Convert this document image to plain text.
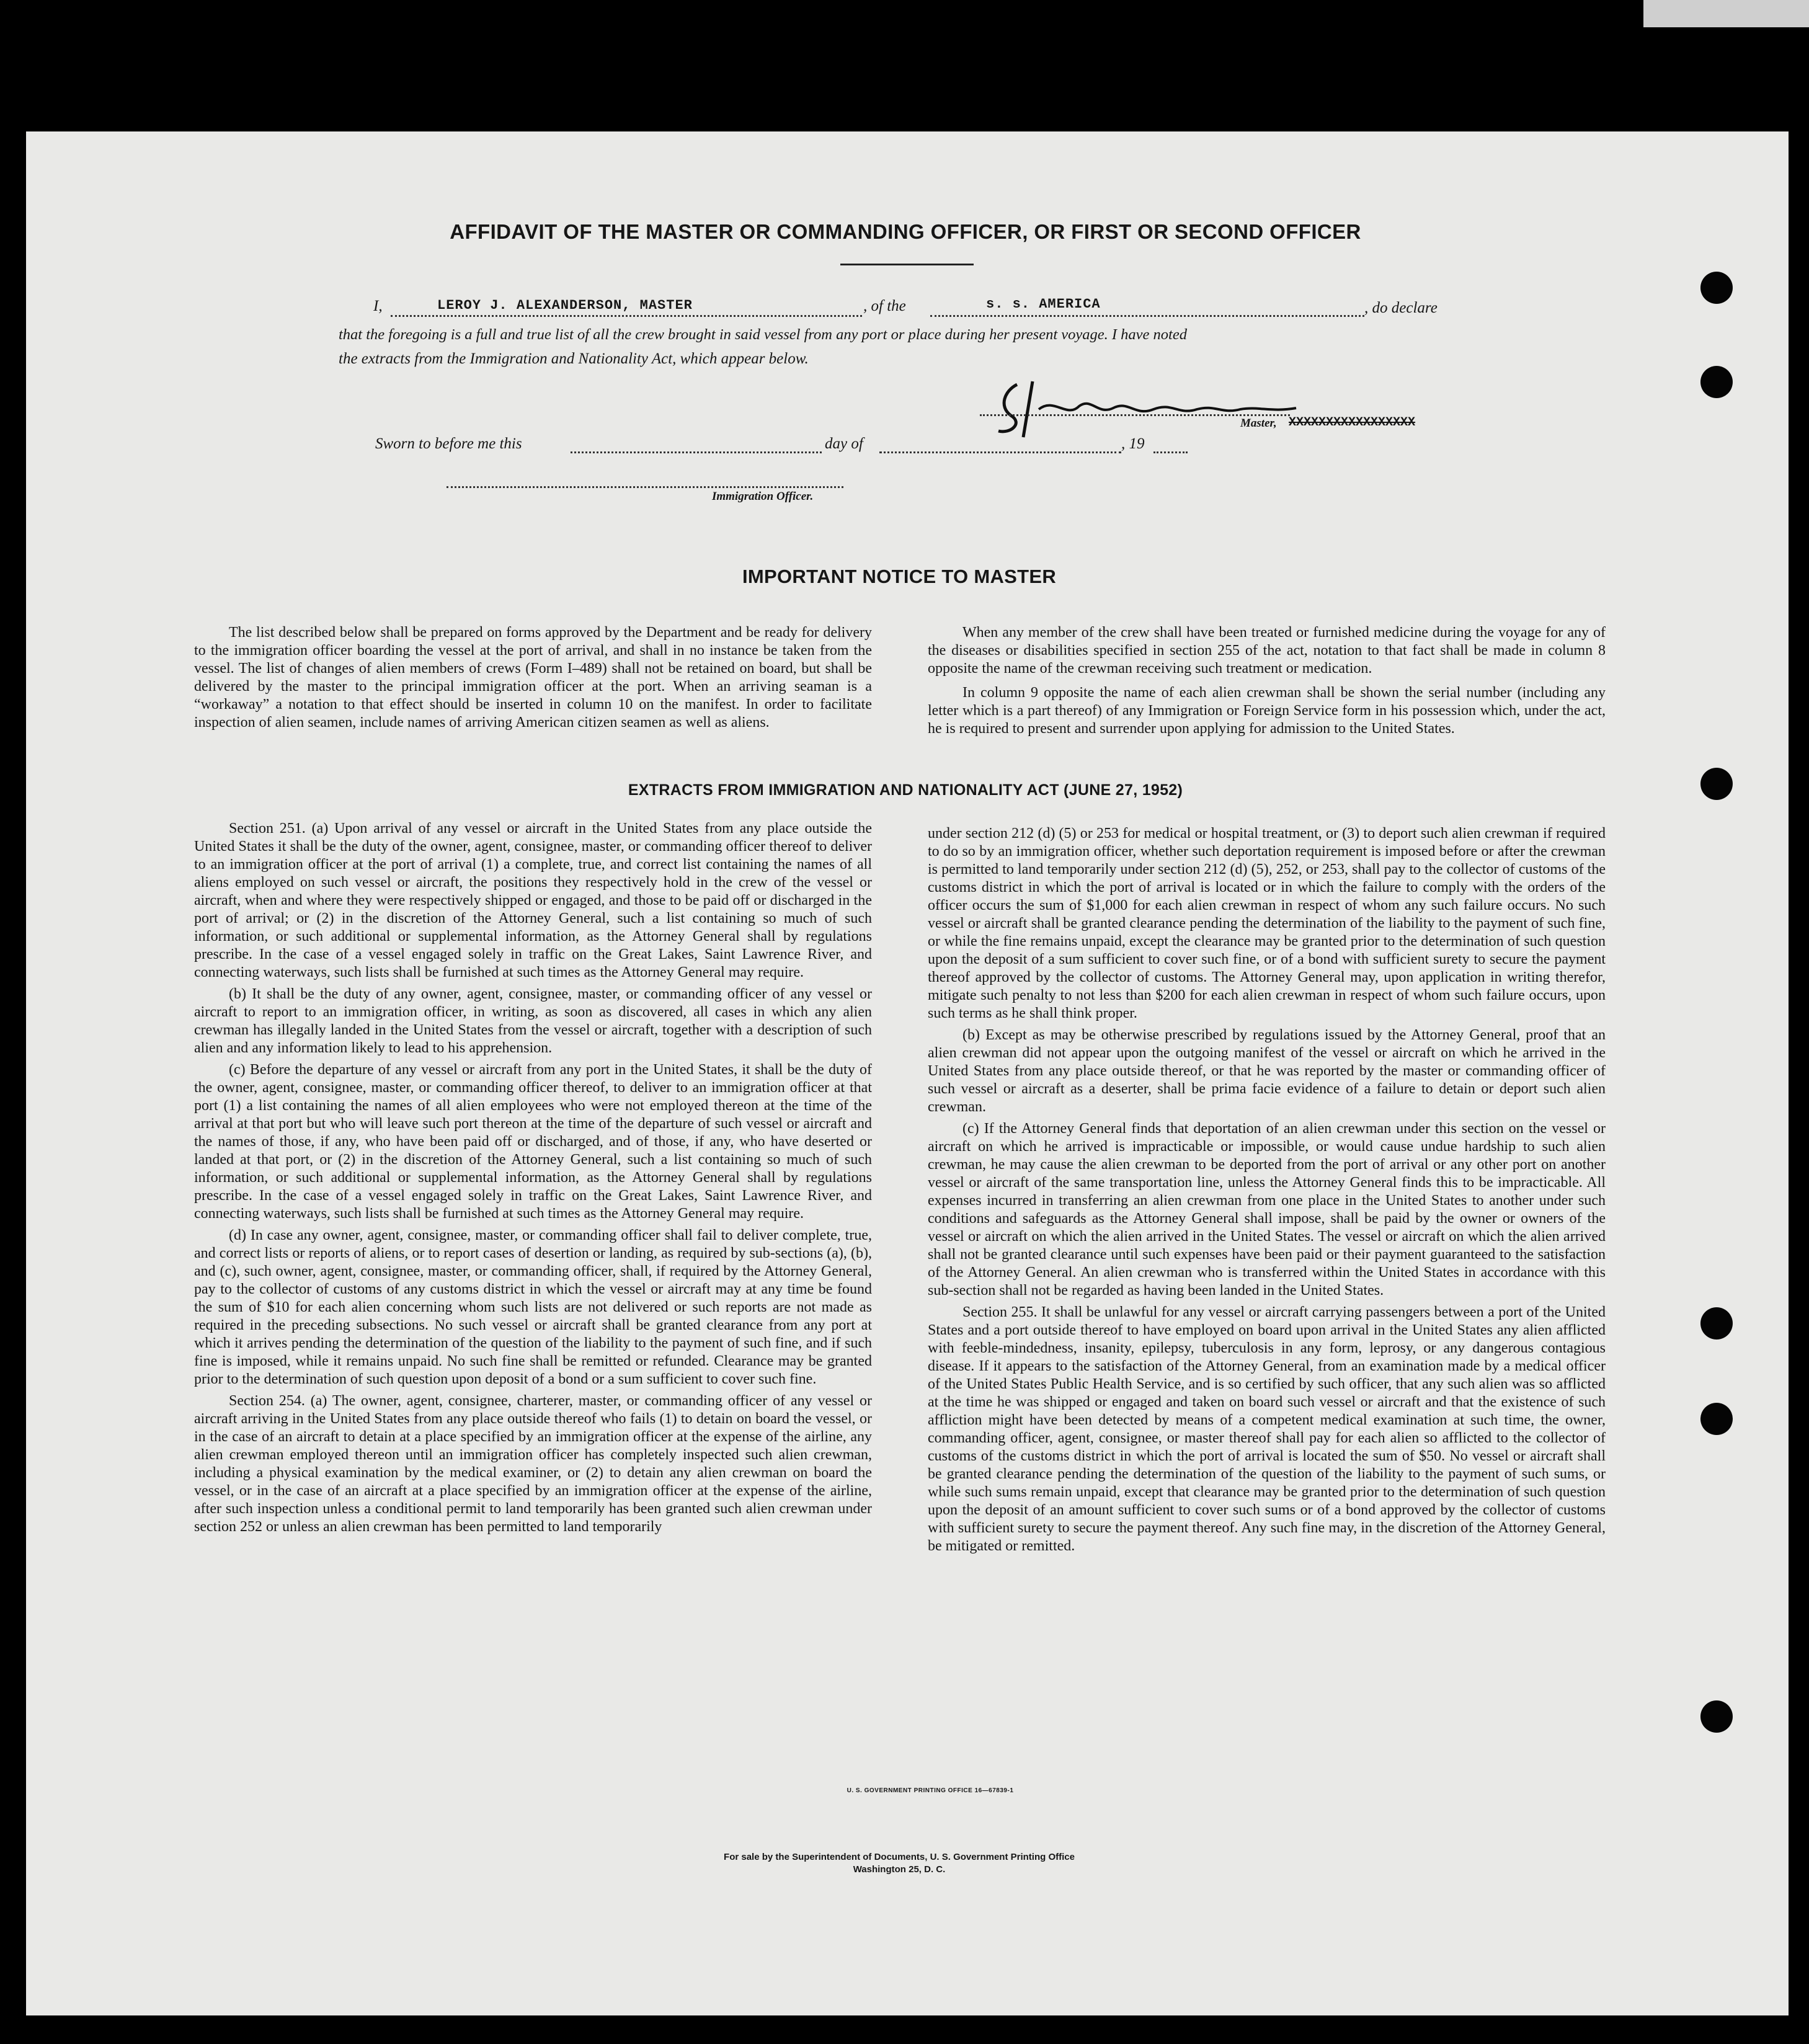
AFFIDAVIT OF THE MASTER OR COMMANDING OFFICER, OR FIRST OR SECOND OFFICER
I,	LEROY J. ALEXANDERSON, MASTER	, of the	s. s. AMERICA	, do declare
that the foregoing is a full and true list of all the crew brought in said vessel from any port or place during her present voyage. I have noted
the extracts from the Immigration and Nationality Act, which appear below.
Master, XXXXXXXXXXXXXXXXX
Sworn to before me this	day of	, 19
Immigration Officer.
IMPORTANT NOTICE TO MASTER

The list described below shall be prepared on forms approved by the Department and be ready for delivery to the immigration officer boarding the vessel at the port of arrival, and shall in no instance be taken from the vessel. The list of changes of alien members of crews (Form I–489) shall not be retained on board, but shall be delivered by the master to the principal immigration officer at the port. When an arriving seaman is a “workaway” a notation to that effect should be inserted in column 10 on the manifest. In order to facilitate inspection of alien seamen, include names of arriving American citizen seamen as well as aliens.

When any member of the crew shall have been treated or furnished medicine during the voyage for any of the diseases or disabilities specified in section 255 of the act, notation to that fact shall be made in column 8 opposite the name of the crewman receiving such treatment or medication.

In column 9 opposite the name of each alien crewman shall be shown the serial number (including any letter which is a part thereof) of any Immigration or Foreign Service form in his possession which, under the act, he is required to present and surrender upon applying for admission to the United States.

EXTRACTS FROM IMMIGRATION AND NATIONALITY ACT (JUNE 27, 1952)

Section 251. (a) Upon arrival of any vessel or aircraft in the United States from any place outside the United States it shall be the duty of the owner, agent, consignee, master, or commanding officer thereof to deliver to an immigration officer at the port of arrival (1) a complete, true, and correct list containing the names of all aliens employed on such vessel or aircraft, the positions they respectively hold in the crew of the vessel or aircraft, when and where they were respectively shipped or engaged, and those to be paid off or discharged in the port of arrival; or (2) in the discretion of the Attorney General, such a list containing so much of such information, or such additional or supplemental information, as the Attorney General shall by regulations prescribe. In the case of a vessel engaged solely in traffic on the Great Lakes, Saint Lawrence River, and connecting waterways, such lists shall be furnished at such times as the Attorney General may require.

(b) It shall be the duty of any owner, agent, consignee, master, or commanding officer of any vessel or aircraft to report to an immigration officer, in writing, as soon as discovered, all cases in which any alien crewman has illegally landed in the United States from the vessel or aircraft, together with a description of such alien and any information likely to lead to his apprehension.

(c) Before the departure of any vessel or aircraft from any port in the United States, it shall be the duty of the owner, agent, consignee, master, or commanding officer thereof, to deliver to an immigration officer at that port (1) a list containing the names of all alien employees who were not employed thereon at the time of the arrival at that port but who will leave such port thereon at the time of the departure of such vessel or aircraft and the names of those, if any, who have been paid off or discharged, and of those, if any, who have deserted or landed at that port, or (2) in the discretion of the Attorney General, such a list containing so much of such information, or such additional or supplemental information, as the Attorney General shall by regulations prescribe. In the case of a vessel engaged solely in traffic on the Great Lakes, Saint Lawrence River, and connecting waterways, such lists shall be furnished at such times as the Attorney General may require.

(d) In case any owner, agent, consignee, master, or commanding officer shall fail to deliver complete, true, and correct lists or reports of aliens, or to report cases of desertion or landing, as required by sub-sections (a), (b), and (c), such owner, agent, consignee, master, or commanding officer, shall, if required by the Attorney General, pay to the collector of customs of any customs district in which the vessel or aircraft may at any time be found the sum of $10 for each alien concerning whom such lists are not delivered or such reports are not made as required in the preceding subsections. No such vessel or aircraft shall be granted clearance from any port at which it arrives pending the determination of the question of the liability to the payment of such fine, and if such fine is imposed, while it remains unpaid. No such fine shall be remitted or refunded. Clearance may be granted prior to the determination of such question upon deposit of a bond or a sum sufficient to cover such fine.

Section 254. (a) The owner, agent, consignee, charterer, master, or commanding officer of any vessel or aircraft arriving in the United States from any place outside thereof who fails (1) to detain on board the vessel, or in the case of an aircraft to detain at a place specified by an immigration officer at the expense of the airline, any alien crewman employed thereon until an immigration officer has completely inspected such alien crewman, including a physical examination by the medical examiner, or (2) to detain any alien crewman on board the vessel, or in the case of an aircraft at a place specified by an immigration officer at the expense of the airline, after such inspection unless a conditional permit to land temporarily has been granted such alien crewman under section 252 or unless an alien crewman has been permitted to land temporarily

under section 212 (d) (5) or 253 for medical or hospital treatment, or (3) to deport such alien crewman if required to do so by an immigration officer, whether such deportation requirement is imposed before or after the crewman is permitted to land temporarily under section 212 (d) (5), 252, or 253, shall pay to the collector of customs of the customs district in which the port of arrival is located or in which the failure to comply with the orders of the officer occurs the sum of $1,000 for each alien crewman in respect of whom any such failure occurs. No such vessel or aircraft shall be granted clearance pending the determination of the liability to the payment of such fine, or while the fine remains unpaid, except the clearance may be granted prior to the determination of such question upon the deposit of a sum sufficient to cover such fine, or of a bond with sufficient surety to secure the payment thereof approved by the collector of customs. The Attorney General may, upon application in writing therefor, mitigate such penalty to not less than $200 for each alien crewman in respect of whom such failure occurs, upon such terms as he shall think proper.

(b) Except as may be otherwise prescribed by regulations issued by the Attorney General, proof that an alien crewman did not appear upon the outgoing manifest of the vessel or aircraft on which he arrived in the United States from any place outside thereof, or that he was reported by the master or commanding officer of such vessel or aircraft as a deserter, shall be prima facie evidence of a failure to detain or deport such alien crewman.

(c) If the Attorney General finds that deportation of an alien crewman under this section on the vessel or aircraft on which he arrived is impracticable or impossible, or would cause undue hardship to such alien crewman, he may cause the alien crewman to be deported from the port of arrival or any other port on another vessel or aircraft of the same transportation line, unless the Attorney General finds this to be impracticable. All expenses incurred in transferring an alien crewman from one place in the United States to another under such conditions and safeguards as the Attorney General shall impose, shall be paid by the owner or owners of the vessel or aircraft on which the alien arrived in the United States. The vessel or aircraft on which the alien arrived shall not be granted clearance until such expenses have been paid or their payment guaranteed to the satisfaction of the Attorney General. An alien crewman who is transferred within the United States in accordance with this sub-section shall not be regarded as having been landed in the United States.

Section 255. It shall be unlawful for any vessel or aircraft carrying passengers between a port of the United States and a port outside thereof to have employed on board upon arrival in the United States any alien afflicted with feeble-mindedness, insanity, epilepsy, tuberculosis in any form, leprosy, or any dangerous contagious disease. If it appears to the satisfaction of the Attorney General, from an examination made by a medical officer of the United States Public Health Service, and is so certified by such officer, that any such alien was so afflicted at the time he was shipped or engaged and taken on board such vessel or aircraft and that the existence of such affliction might have been detected by means of a competent medical examination at such time, the owner, commanding officer, agent, consignee, or master thereof shall pay for each alien so afflicted to the collector of customs of the customs district in which the port of arrival is located the sum of $50. No vessel or aircraft shall be granted clearance pending the determination of the question of the liability to the payment of such sums, or while such sums remain unpaid, except that clearance may be granted prior to the determination of such question upon the deposit of an amount sufficient to cover such sums or of a bond approved by the collector of customs with sufficient surety to secure the payment thereof. Any such fine may, in the discretion of the Attorney General, be mitigated or remitted.

U. S. GOVERNMENT PRINTING OFFICE 16—67839-1
For sale by the Superintendent of Documents, U. S. Government Printing Office
Washington 25, D. C.
